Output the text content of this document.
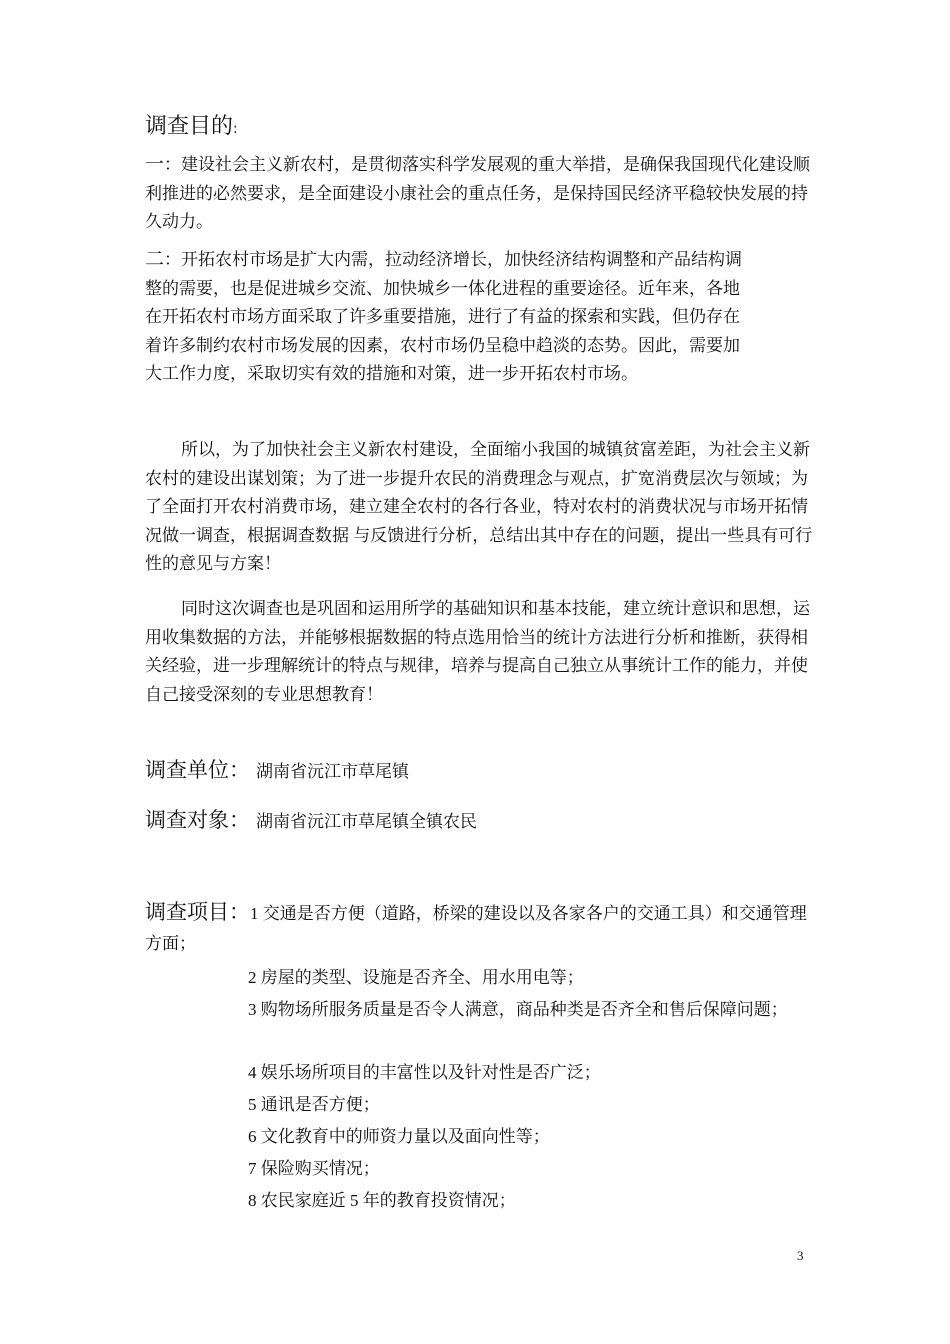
调查目的:

一：建设社会主义新农村，是贯彻落实科学发展观的重大举措，是确保我国现代化建设顺利推进的必然要求，是全面建设小康社会的重点任务，是保持国民经济平稳较快发展的持久动力。

二：开拓农村市场是扩大内需，拉动经济增长，加快经济结构调整和产品结构调整的需要，也是促进城乡交流、加快城乡一体化进程的重要途径。近年来，各地在开拓农村市场方面采取了许多重要措施，进行了有益的探索和实践，但仍存在着许多制约农村市场发展的因素，农村市场仍呈稳中趋淡的态势。因此，需要加大工作力度，采取切实有效的措施和对策，进一步开拓农村市场。

所以，为了加快社会主义新农村建设，全面缩小我国的城镇贫富差距，为社会主义新农村的建设出谋划策；为了进一步提升农民的消费理念与观点，扩宽消费层次与领域；为了全面打开农村消费市场，建立建全农村的各行各业，特对农村的消费状况与市场开拓情况做一调查，根据调查数据 与反馈进行分析，总结出其中存在的问题，提出一些具有可行性的意见与方案！

同时这次调查也是巩固和运用所学的基础知识和基本技能，建立统计意识和思想，运用收集数据的方法，并能够根据数据的特点选用恰当的统计方法进行分析和推断，获得相关经验，进一步理解统计的特点与规律，培养与提高自己独立从事统计工作的能力，并使自己接受深刻的专业思想教育！

调查单位： 湖南省沅江市草尾镇
调查对象： 湖南省沅江市草尾镇全镇农民
调查项目：1 交通是否方便（道路，桥梁的建设以及各家各户的交通工具）和交通管理方面；
2 房屋的类型、设施是否齐全、用水用电等；
3 购物场所服务质量是否令人满意，商品种类是否齐全和售后保障问题；
4 娱乐场所项目的丰富性以及针对性是否广泛；
5 通讯是否方便；
6 文化教育中的师资力量以及面向性等；
7 保险购买情况；
8 农民家庭近 5 年的教育投资情况；
3
